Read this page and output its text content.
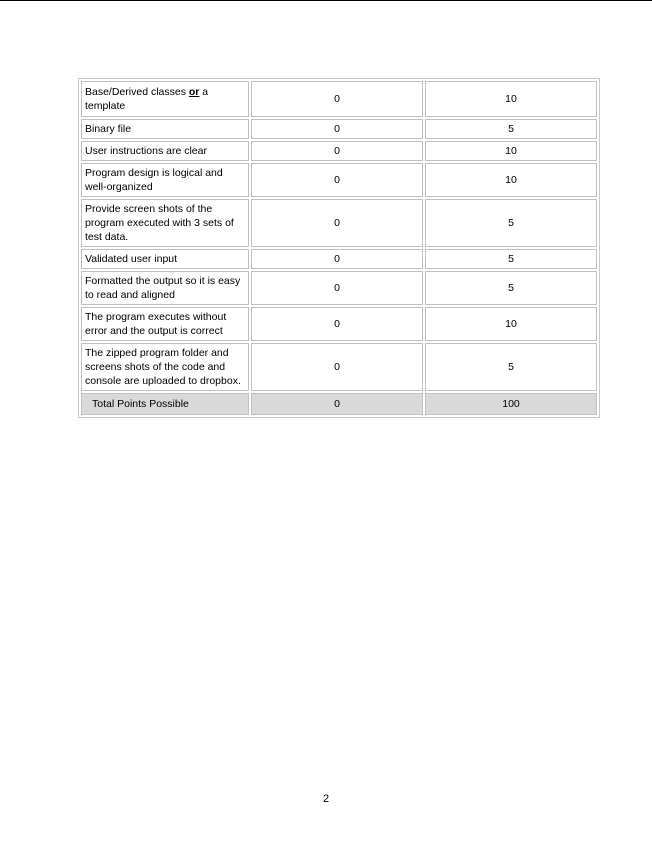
Base/Derived classes or a template	0	10
Binary file	0	5
User instructions are clear	0	10
Program design is logical and well-organized	0	10
Provide screen shots of the program executed with 3 sets of test data.	0	5
Validated user input	0	5
Formatted the output so it is easy to read and aligned	0	5
The program executes without error and the output is correct	0	10
The zipped program folder and screens shots of the code and console are uploaded to dropbox.	0	5
Total Points Possible	0	100
2
